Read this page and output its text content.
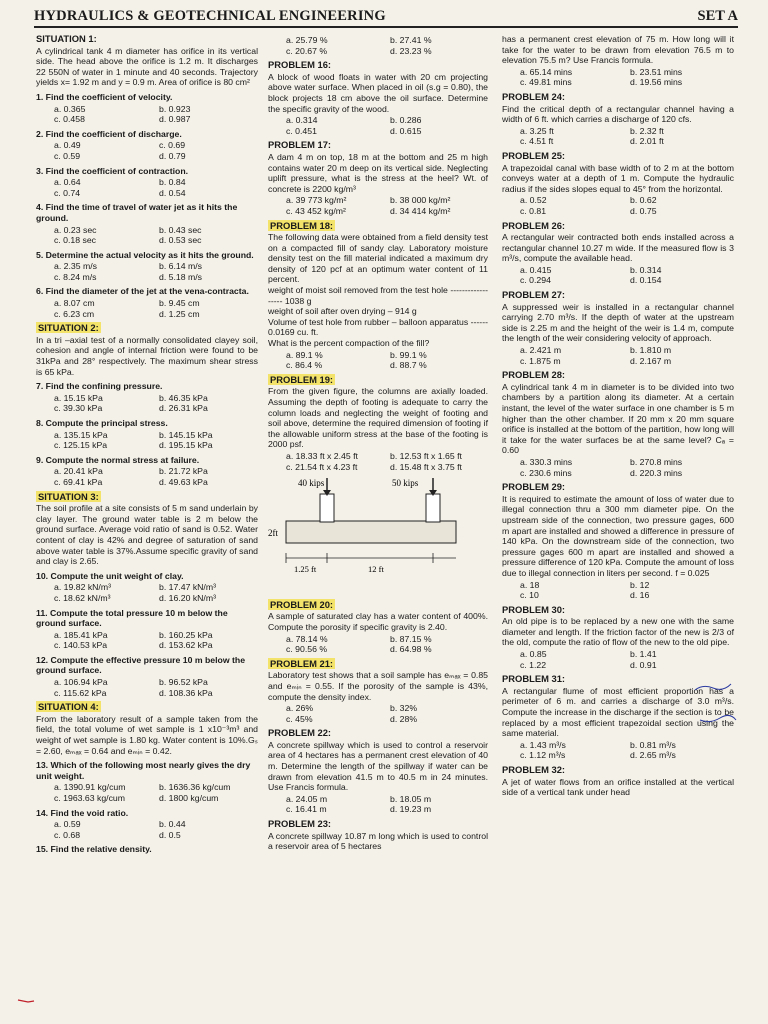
HYDRAULICS & GEOTECHNICAL ENGINEERING	SET A
SITUATION 1:
A cylindrical tank 4 m diameter has orifice in its vertical side. The head above the orifice is 1.2 m. It discharges 22 550N of water in 1 minute and 40 seconds. Trajectory yields x= 1.92 m and y = 0.9 m. Area of orifice is 80 cm²
1. Find the coefficient of velocity.
a. 0.365	b. 0.923
c. 0.458	d. 0.987
2. Find the coefficient of discharge.
a. 0.49	c. 0.69
c. 0.59	d. 0.79
3. Find the coefficient of contraction.
a. 0.64	b. 0.84
c. 0.74	d. 0.54
4. Find the time of travel of water jet as it hits the ground.
a. 0.23 sec	b. 0.43 sec
c. 0.18 sec	d. 0.53 sec
5. Determine the actual velocity as it hits the ground.
a. 2.35 m/s	b. 6.14 m/s
c. 8.24 m/s	d. 5.18 m/s
6. Find the diameter of the jet at the vena-contracta.
a. 8.07 cm	b. 9.45 cm
c. 6.23 cm	d. 1.25 cm
SITUATION 2:
In a tri –axial test of a normally consolidated clayey soil, cohesion and angle of internal friction were found to be 31kPa and 28° respectively. The maximum shear stress is 65 kPa.
7. Find the confining pressure.
a. 15.15 kPa	b. 46.35 kPa
c. 39.30 kPa	d. 26.31 kPa
8. Compute the principal stress.
a. 135.15 kPa	b. 145.15 kPa
c. 125.15 kPa	d. 195.15 kPa
9. Compute the normal stress at failure.
a. 20.41 kPa	b. 21.72 kPa
c. 69.41 kPa	d. 49.63 kPa
SITUATION 3:
The soil profile at a site consists of 5 m sand underlain by clay layer. The ground water table is 2 m below the ground surface. Average void ratio of sand is 0.52. Water content of clay is 42% and degree of saturation of sand above water table is 37%.Assume specific gravity of sand and clay is 2.65.
10. Compute the unit weight of clay.
a. 19.82 kN/m³	b. 17.47 kN/m³
c. 18.62 kN/m³	d. 16.20 kN/m³
11. Compute the total pressure 10 m below the ground surface.
a. 185.41 kPa	b. 160.25 kPa
c. 140.53 kPa	d. 153.62 kPa
12. Compute the effective pressure 10 m below the ground surface.
a. 106.94 kPa	b. 96.52 kPa
c. 115.62 kPa	d. 108.36 kPa
SITUATION 4:
From the laboratory result of a sample taken from the field, the total volume of wet sample is 1 x10⁻³m³ and weight of wet sample is 1.80 kg. Water content is 10%.Gₛ = 2.60, eₘₐₓ = 0.64 and eₘᵢₙ = 0.42.
13. Which of the following most nearly gives the dry unit weight.
a. 1390.91 kg/cum	b. 1636.36 kg/cum
c. 1963.63 kg/cum	d. 1800 kg/cum
14. Find the void ratio.
a. 0.59	b. 0.44
c. 0.68	d. 0.5
15. Find the relative density.
a. 25.79 %	b. 27.41 %
c. 20.67 %	d. 23.23 %
PROBLEM 16:
A block of wood floats in water with 20 cm projecting above water surface. When placed in oil (s.g = 0.80), the block projects 18 cm above the oil surface. Determine the specific gravity of the wood.
a. 0.314	b. 0.286
c. 0.451	d. 0.615
PROBLEM 17:
A dam 4 m on top, 18 m at the bottom and 25 m high contains water 20 m deep on its vertical side. Neglecting uplift pressure, what is the stress at the heel? Wt. of concrete is 2200 kg/m³
a. 39 773 kg/m²	b. 38 000 kg/m²
c. 43 452 kg/m²	d. 34 414 kg/m²
PROBLEM 18:
The following data were obtained from a field density test on a compacted fill of sandy clay. Laboratory moisture density test on the fill material indicated a maximum dry density of 120 pcf at an optimum water content of 11 percent.
weight of moist soil removed from the test hole ------------------ 1038 g
weight of soil after oven drying – 914 g
Volume of test hole from rubber – balloon apparatus ------ 0.0169 cu. ft.
What is the percent compaction of the fill?
a. 89.1 %	b. 99.1 %
c. 86.4 %	d. 88.7 %
PROBLEM 19:
From the given figure, the columns are axially loaded. Assuming the depth of footing is adequate to carry the column loads and neglecting the weight of footing and soil above, determine the required dimension of footing if the allowable uniform stress at the base of the footing is 2000 psf.
a. 18.33 ft x 2.45 ft	b. 12.53 ft x 1.65 ft
c. 21.54 ft x 4.23 ft	d. 15.48 ft x 3.75 ft
40 kips	50 kips
2ft
1.25 ft	12 ft
PROBLEM 20:
A sample of saturated clay has a water content of 400%. Compute the porosity if specific gravity is 2.40.
a. 78.14 %	b. 87.15 %
c. 90.56 %	d. 64.98 %
PROBLEM 21:
Laboratory test shows that a soil sample has eₘₐₓ = 0.85 and eₘᵢₙ = 0.55. If the porosity of the sample is 43%, compute the density index.
a. 26%	b. 32%
c. 45%	d. 28%
PROBLEM 22:
A concrete spillway which is used to control a reservoir area of 4 hectares has a permanent crest elevation of 40 m. Determine the length of the spillway if water can be drawn from elevation 41.5 m to 40.5 m in 24 minutes. Use Francis formula.
a. 24.05 m	b. 18.05 m
c. 16.41 m	d. 19.23 m
PROBLEM 23:
A concrete spillway 10.87 m long which is used to control a reservoir area of 5 hectares
has a permanent crest elevation of 75 m. How long will it take for the water to be drawn from elevation 76.5 m to elevation 75.5 m? Use Francis formula.
a. 65.14 mins	b. 23.51 mins
c. 49.81 mins	d. 19.56 mins
PROBLEM 24:
Find the critical depth of a rectangular channel having a width of 6 ft. which carries a discharge of 120 cfs.
a. 3.25 ft	b. 2.32 ft
c. 4.51 ft	d. 2.01 ft
PROBLEM 25:
A trapezoidal canal with base width of to 2 m at the bottom conveys water at a depth of 1 m. Compute the hydraulic radius if the sides slopes equal to 45° from the horizontal.
a. 0.52	b. 0.62
c. 0.81	d. 0.75
PROBLEM 26:
A rectangular weir contracted both ends installed across a rectangular channel 10.27 m wide. If the measured flow is 3 m³/s, compute the available head.
a. 0.415	b. 0.314
c. 0.294	d. 0.154
PROBLEM 27:
A suppressed weir is installed in a rectangular channel carrying 2.70 m³/s. If the depth of water at the upstream side is 2.25 m and the height of the weir is 1.4 m, compute the length of the weir considering velocity of approach.
a. 2.421 m	b. 1.810 m
c. 1.875 m	d. 2.167 m
PROBLEM 28:
A cylindrical tank 4 m in diameter is to be divided into two chambers by a partition along its diameter. At a certain instant, the level of the water surface in one chamber is 5 m higher than the other chamber. If 20 mm x 20 mm square orifice is installed at the bottom of the partition, how long will it take for the water surfaces be at the same level? Cₐ = 0.60
a. 330.3 mins	b. 270.8 mins
c. 230.6 mins	d. 220.3 mins
PROBLEM 29:
It is required to estimate the amount of loss of water due to illegal connection thru a 300 mm diameter pipe. On the upstream side of the connection, two pressure gages, 600 m apart are installed and showed a difference in pressure of 140 kPa. On the downstream side of the connection, two pressure gages 600 m apart are installed and showed a pressure difference of 120 kPa. Compute the amount of loss due to illegal connection in liters per second. f = 0.025
a. 18	b. 12
c. 10	d. 16
PROBLEM 30:
An old pipe is to be replaced by a new one with the same diameter and length. If the friction factor of the new is 2/3 of the old, compute the ratio of flow of the new to the old pipe.
a. 0.85	b. 1.41
c. 1.22	d. 0.91
PROBLEM 31:
A rectangular flume of most efficient proportion has a perimeter of 6 m. and carries a discharge of 3.0 m³/s. Compute the increase in the discharge if the section is to be replaced by a most efficient trapezoidal section using the same material.
a. 1.43 m³/s	b. 0.81 m³/s
c. 1.12 m³/s	d. 2.65 m³/s
PROBLEM 32:
A jet of water flows from an orifice installed at the vertical side of a vertical tank under head
